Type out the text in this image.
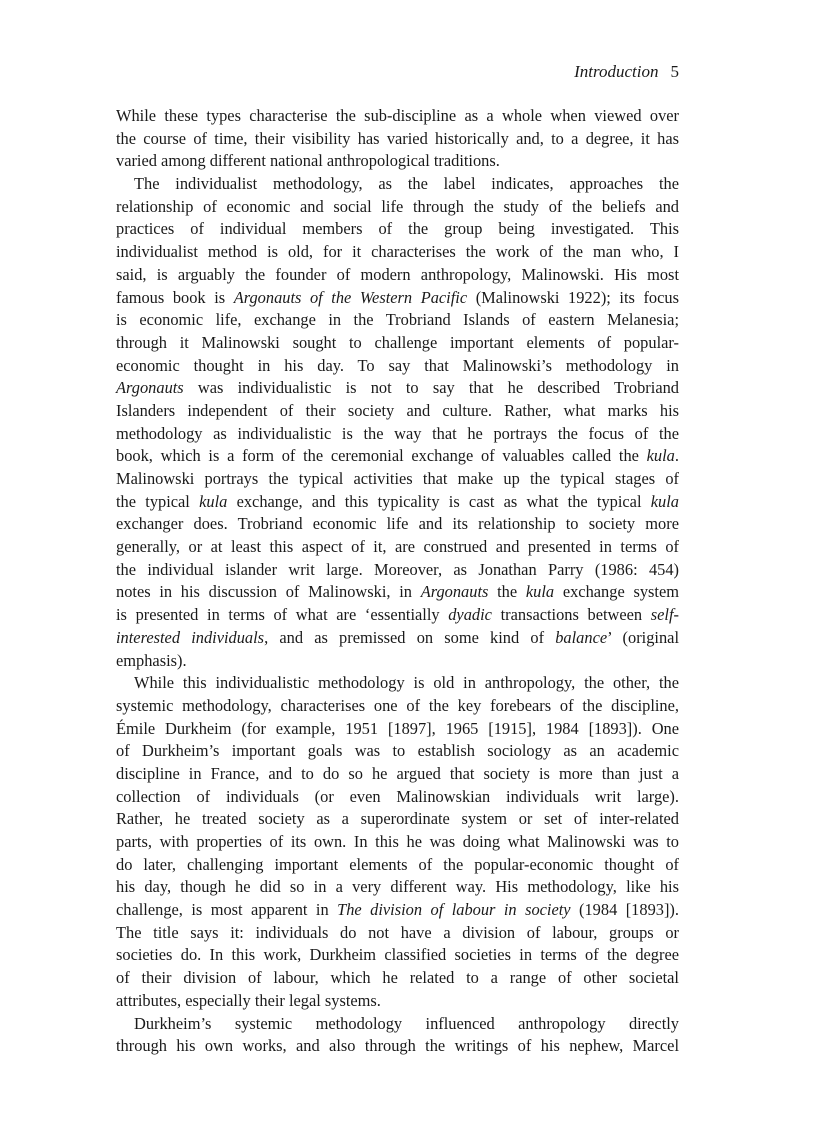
Introduction 5
While these types characterise the sub-discipline as a whole when viewed over
the course of time, their visibility has varied historically and, to a degree, it has
varied among different national anthropological traditions.
The individualist methodology, as the label indicates, approaches the
relationship of economic and social life through the study of the beliefs and
practices of individual members of the group being investigated. This
individualist method is old, for it characterises the work of the man who, I
said, is arguably the founder of modern anthropology, Malinowski. His most
famous book is Argonauts of the Western Pacific (Malinowski 1922); its focus
is economic life, exchange in the Trobriand Islands of eastern Melanesia;
through it Malinowski sought to challenge important elements of popular-
economic thought in his day. To say that Malinowski’s methodology in
Argonauts was individualistic is not to say that he described Trobriand
Islanders independent of their society and culture. Rather, what marks his
methodology as individualistic is the way that he portrays the focus of the
book, which is a form of the ceremonial exchange of valuables called the kula.
Malinowski portrays the typical activities that make up the typical stages of
the typical kula exchange, and this typicality is cast as what the typical kula
exchanger does. Trobriand economic life and its relationship to society more
generally, or at least this aspect of it, are construed and presented in terms of
the individual islander writ large. Moreover, as Jonathan Parry (1986: 454)
notes in his discussion of Malinowski, in Argonauts the kula exchange system
is presented in terms of what are ‘essentially dyadic transactions between self-
interested individuals, and as premissed on some kind of balance’ (original
emphasis).
While this individualistic methodology is old in anthropology, the other, the
systemic methodology, characterises one of the key forebears of the discipline,
Émile Durkheim (for example, 1951 [1897], 1965 [1915], 1984 [1893]). One
of Durkheim’s important goals was to establish sociology as an academic
discipline in France, and to do so he argued that society is more than just a
collection of individuals (or even Malinowskian individuals writ large).
Rather, he treated society as a superordinate system or set of inter-related
parts, with properties of its own. In this he was doing what Malinowski was to
do later, challenging important elements of the popular-economic thought of
his day, though he did so in a very different way. His methodology, like his
challenge, is most apparent in The division of labour in society (1984 [1893]).
The title says it: individuals do not have a division of labour, groups or
societies do. In this work, Durkheim classified societies in terms of the degree
of their division of labour, which he related to a range of other societal
attributes, especially their legal systems.
Durkheim’s systemic methodology influenced anthropology directly
through his own works, and also through the writings of his nephew, Marcel
